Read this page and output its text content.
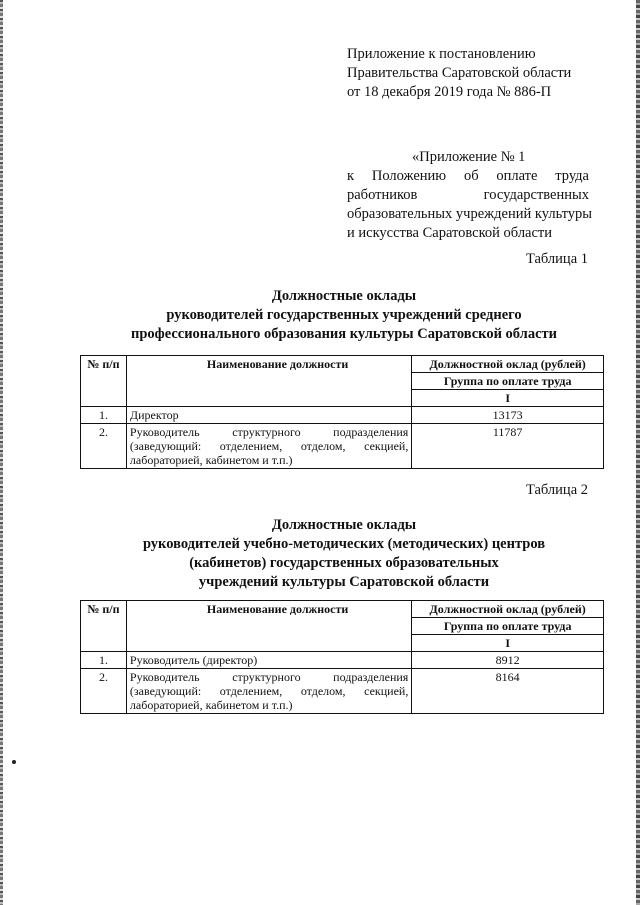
Приложение к постановлению
Правительства Саратовской области
от 18 декабря 2019 года № 886-П
«Приложение № 1
к Положению об оплате труда
работников государственных
образовательных учреждений культуры
и искусства Саратовской области
Таблица 1
Должностные оклады
руководителей государственных учреждений среднего
профессионального образования культуры Саратовской области
№ п/п	Наименование должности	Должностной оклад (рублей)
		Группа по оплате труда
		I
1.	Директор	13173
2.	Руководитель структурного подразделения (заведующий: отделением, отделом, секцией, лабораторией, кабинетом и т.п.)	11787
Таблица 2
Должностные оклады
руководителей учебно-методических (методических) центров
(кабинетов) государственных образовательных
учреждений культуры Саратовской области
№ п/п	Наименование должности	Должностной оклад (рублей)
		Группа по оплате труда
		I
1.	Руководитель (директор)	8912
2.	Руководитель структурного подразделения (заведующий: отделением, отделом, секцией, лабораторией, кабинетом и т.п.)	8164
